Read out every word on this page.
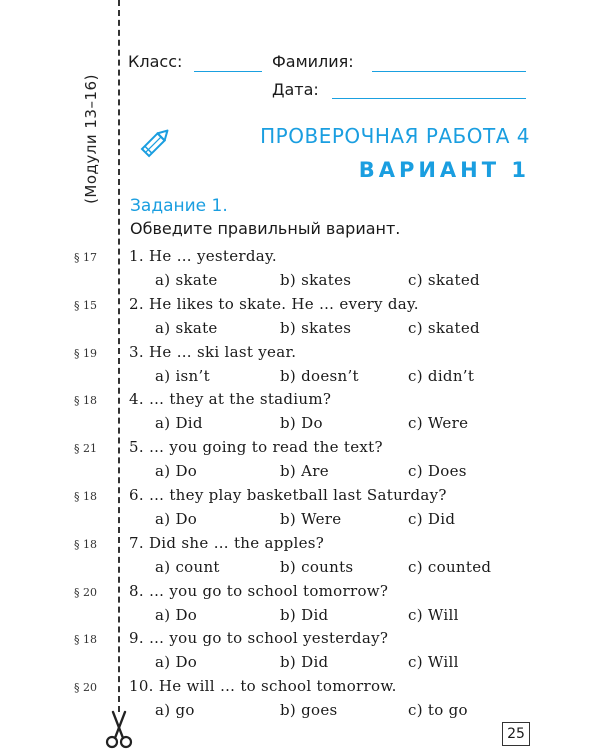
(Модули 13–16)
Класс:	Фамилия:
Дата:
ПРОВЕРОЧНАЯ РАБОТА 4
ВАРИАНТ 1
Задание 1.
Обведите правильный вариант.
§ 17 1. He … yesterday.
a) skate	b) skates	c) skated
§ 15 2. He likes to skate. He … every day.
a) skate	b) skates	c) skated
§ 19 3. He … ski last year.
a) isn’t	b) doesn’t	c) didn’t
§ 18 4. … they at the stadium?
a) Did	b) Do	c) Were
§ 21 5. … you going to read the text?
a) Do	b) Are	c) Does
§ 18 6. … they play basketball last Saturday?
a) Do	b) Were	c) Did
§ 18 7. Did she … the apples?
a) count	b) counts	c) counted
§ 20 8. … you go to school tomorrow?
a) Do	b) Did	c) Will
§ 18 9. … you go to school yesterday?
a) Do	b) Did	c) Will
§ 20 10. He will … to school tomorrow.
a) go	b) goes	c) to go
25
